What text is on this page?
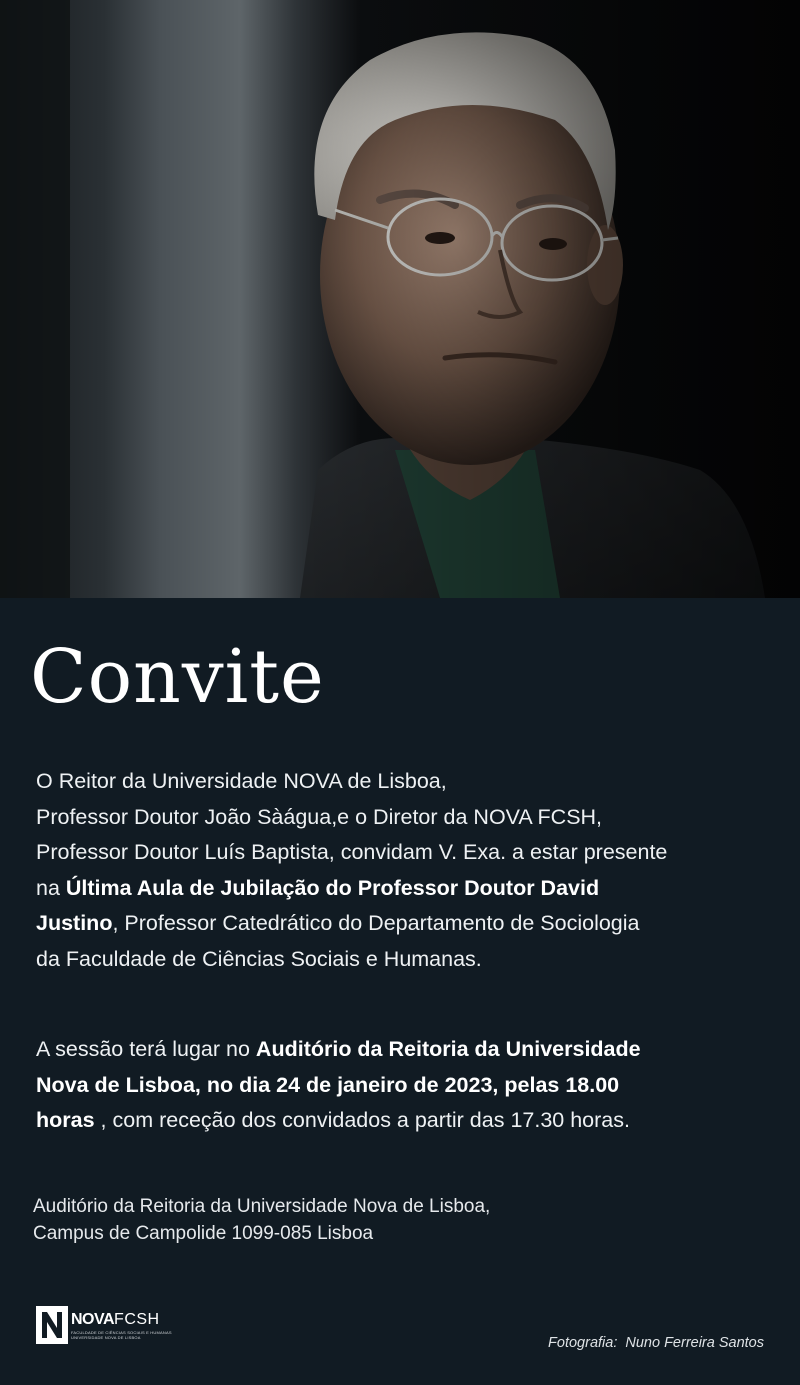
Convite

O Reitor da Universidade NOVA de Lisboa,
Professor Doutor João Sàágua,e o Diretor da NOVA FCSH,
Professor Doutor Luís Baptista, convidam V. Exa. a estar presente
na Última Aula de Jubilação do Professor Doutor David
Justino, Professor Catedrático do Departamento de Sociologia
da Faculdade de Ciências Sociais e Humanas.

A sessão terá lugar no Auditório da Reitoria da Universidade
Nova de Lisboa, no dia 24 de janeiro de 2023, pelas 18.00
horas , com receção dos convidados a partir das 17.30 horas.

Auditório da Reitoria da Universidade Nova de Lisboa,
Campus de Campolide 1099-085 Lisboa

NOVAFCSH
FACULDADE DE CIÊNCIAS SOCIAIS E HUMANAS
UNIVERSIDADE NOVA DE LISBOA	Fotografia: Nuno Ferreira Santos
